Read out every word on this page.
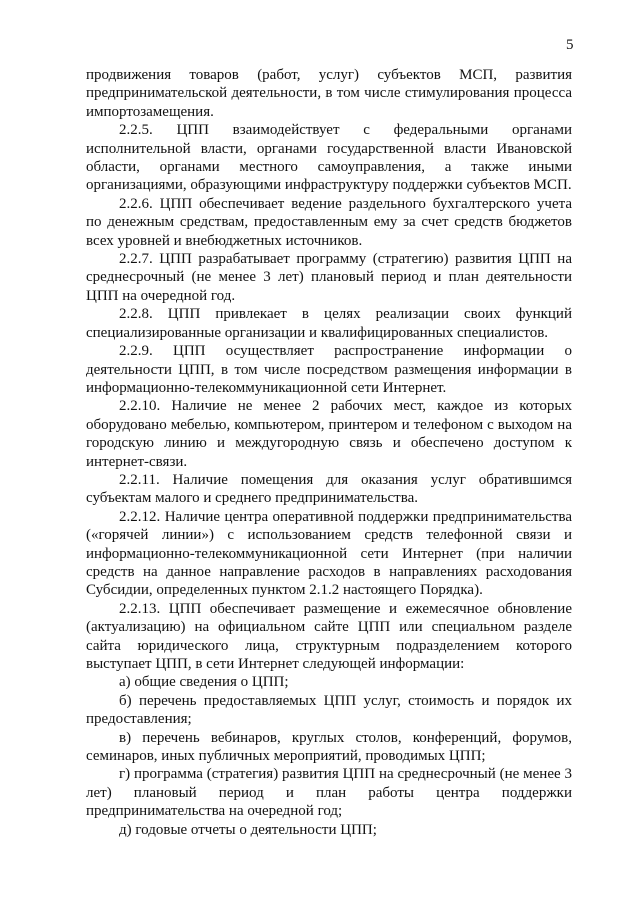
5

продвижения товаров (работ, услуг) субъектов МСП, развития предпринимательской деятельности, в том числе стимулирования процесса импортозамещения.

2.2.5. ЦПП взаимодействует с федеральными органами исполнительной власти, органами государственной власти Ивановской области, органами местного самоуправления, а также иными организациями, образующими инфраструктуру поддержки субъектов МСП.

2.2.6. ЦПП обеспечивает ведение раздельного бухгалтерского учета по денежным средствам, предоставленным ему за счет средств бюджетов всех уровней и внебюджетных источников.

2.2.7. ЦПП разрабатывает программу (стратегию) развития ЦПП на среднесрочный (не менее 3 лет) плановый период и план деятельности ЦПП на очередной год.

2.2.8. ЦПП привлекает в целях реализации своих функций специализированные организации и квалифицированных специалистов.

2.2.9. ЦПП осуществляет распространение информации о деятельности ЦПП, в том числе посредством размещения информации в информационно-телекоммуникационной сети Интернет.

2.2.10. Наличие не менее 2 рабочих мест, каждое из которых оборудовано мебелью, компьютером, принтером и телефоном с выходом на городскую линию и междугородную связь и обеспечено доступом к интернет-связи.

2.2.11. Наличие помещения для оказания услуг обратившимся субъектам малого и среднего предпринимательства.

2.2.12. Наличие центра оперативной поддержки предпринимательства («горячей линии») с использованием средств телефонной связи и информационно-телекоммуникационной сети Интернет (при наличии средств на данное направление расходов в направлениях расходования Субсидии, определенных пунктом 2.1.2 настоящего Порядка).

2.2.13. ЦПП обеспечивает размещение и ежемесячное обновление (актуализацию) на официальном сайте ЦПП или специальном разделе сайта юридического лица, структурным подразделением которого выступает ЦПП, в сети Интернет следующей информации:

а) общие сведения о ЦПП;

б) перечень предоставляемых ЦПП услуг, стоимость и порядок их предоставления;

в) перечень вебинаров, круглых столов, конференций, форумов, семинаров, иных публичных мероприятий, проводимых ЦПП;

г) программа (стратегия) развития ЦПП на среднесрочный (не менее 3 лет) плановый период и план работы центра поддержки предпринимательства на очередной год;

д) годовые отчеты о деятельности ЦПП;
